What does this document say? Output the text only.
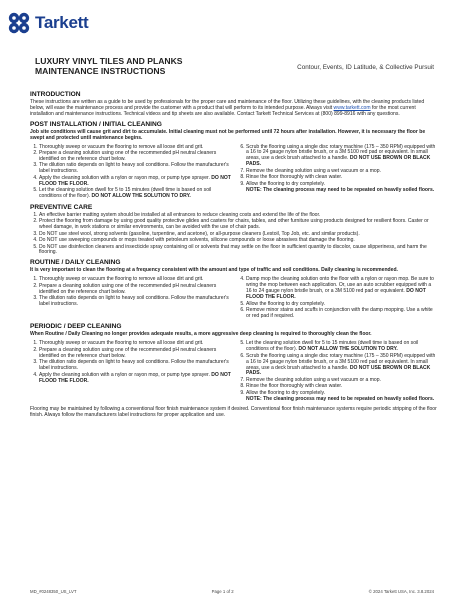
Tarkett
LUXURY VINYL TILES AND PLANKS
MAINTENANCE INSTRUCTIONS	Contour, Events, ID Latitude, & Collective Pursuit
INTRODUCTION

These instructions are written as a guide to be used by professionals for the proper care and maintenance of the floor. Utilizing these guidelines, with the cleaning products listed below, will ease the maintenance process and provide the customer with a product that will perform to its intended purpose. Always visit www.tarkett.com for the most current installation and maintenance instructions. Technical videos and tip sheets are also available. Contact Tarkett Technical Services at (800) 899-8916 with any questions.

POST INSTALLATION / INITIAL CLEANING

Job site conditions will cause grit and dirt to accumulate. Initial cleaning must not be performed until 72 hours after installation. However, it is necessary the floor be swept and protected until maintenance begins.

1. Thoroughly sweep or vacuum the flooring to remove all loose dirt and grit.
2. Prepare a cleaning solution using one of the recommended pH neutral cleaners identified on the reference chart below.
3. The dilution ratio depends on light to heavy soil conditions. Follow the manufacturer's label instructions.
4. Apply the cleaning solution with a nylon or rayon mop, or pump type sprayer. DO NOT FLOOD THE FLOOR.
5. Let the cleaning solution dwell for 5 to 15 minutes (dwell time is based on soil conditions of the floor). DO NOT ALLOW THE SOLUTION TO DRY.
6. Scrub the flooring using a single disc rotary machine (175 – 350 RPM) equipped with a 16 to 24 gauge nylon bristle brush, or a 3M 5100 red pad or equivalent. In small areas, use a deck brush attached to a handle. DO NOT USE BROWN OR BLACK PADS.
7. Remove the cleaning solution using a wet vacuum or a mop.
8. Rinse the floor thoroughly with clean water.
9. Allow the flooring to dry completely.
NOTE: The cleaning process may need to be repeated on heavily soiled floors.
PREVENTIVE CARE
1. An effective barrier matting system should be installed at all entrances to reduce cleaning costs and extend the life of the floor.
2. Protect the flooring from damage by using good quality protective glides and casters for chairs, tables, and other furniture using products designed for resilient floors. Caster or wheel damage, in work stations or similar environments, can be avoided with the use of chair pads.
3. Do NOT use steel wool, strong solvents (gasoline, turpentine, and acetone), or all-purpose cleaners (Lestoil, Top Job, etc. and similar products).
4. Do NOT use sweeping compounds or mops treated with petroleum solvents, silicone compounds or loose abrasives that damage the flooring.
5. Do NOT use disinfection cleaners and insecticide spray containing oil or solvents that may settle on the floor in sufficient quantity to discolor, cause slipperiness, and harm the flooring.
ROUTINE / DAILY CLEANING

It is very important to clean the flooring at a frequency consistent with the amount and type of traffic and soil conditions. Daily cleaning is recommended.

1. Thoroughly sweep or vacuum the flooring to remove all loose dirt and grit.
2. Prepare a cleaning solution using one of the recommended pH neutral cleaners identified on the reference chart below.
3. The dilution ratio depends on light to heavy soil conditions. Follow the manufacturer's label instructions.
4. Damp mop the cleaning solution onto the floor with a nylon or rayon mop. Be sure to wring the mop between each application. Or, use an auto scrubber equipped with a 16 to 24 gauge nylon bristle brush, or a 3M 5100 red pad or equivalent. DO NOT FLOOD THE FLOOR.
5. Allow the flooring to dry completely.
6. Remove minor stains and scuffs in conjunction with the damp mopping. Use a white or red pad if required.
PERIODIC / DEEP CLEANING

When Routine / Daily Cleaning no longer provides adequate results, a more aggressive deep cleaning is required to thoroughly clean the floor.

1. Thoroughly sweep or vacuum the flooring to remove all loose dirt and grit.
2. Prepare a cleaning solution using one of the recommended pH neutral cleaners identified on the reference chart below.
3. The dilution ratio depends on light to heavy soil conditions. Follow the manufacturer's label instructions.
4. Apply the cleaning solution with a nylon or rayon mop, or pump type sprayer. DO NOT FLOOD THE FLOOR.
5. Let the cleaning solution dwell for 5 to 15 minutes (dwell time is based on soil conditions of the floor). DO NOT ALLOW THE SOLUTION TO DRY.
6. Scrub the flooring using a single disc rotary machine (175 – 350 RPM) equipped with a 16 to 24 gauge nylon bristle brush, or a 3M 5100 red pad or equivalent. In small areas, use a deck brush attached to a handle. DO NOT USE BROWN OR BLACK PADS.
7. Remove the cleaning solution using a wet vacuum or a mop.
8. Rinse the floor thoroughly with clean water.
9. Allow the flooring to dry completely.
NOTE: The cleaning process may need to be repeated on heavily soiled floors.

Flooring may be maintained by following a conventional floor finish maintenance system if desired. Conventional floor finish maintenance systems require periodic stripping of the floor finish. Always follow the manufacturers label instructions for proper application and use.

MD_#0248350_US_LVT	Page 1 of 2	© 2024 Tarkett USA, Inc. 3.8.2024
